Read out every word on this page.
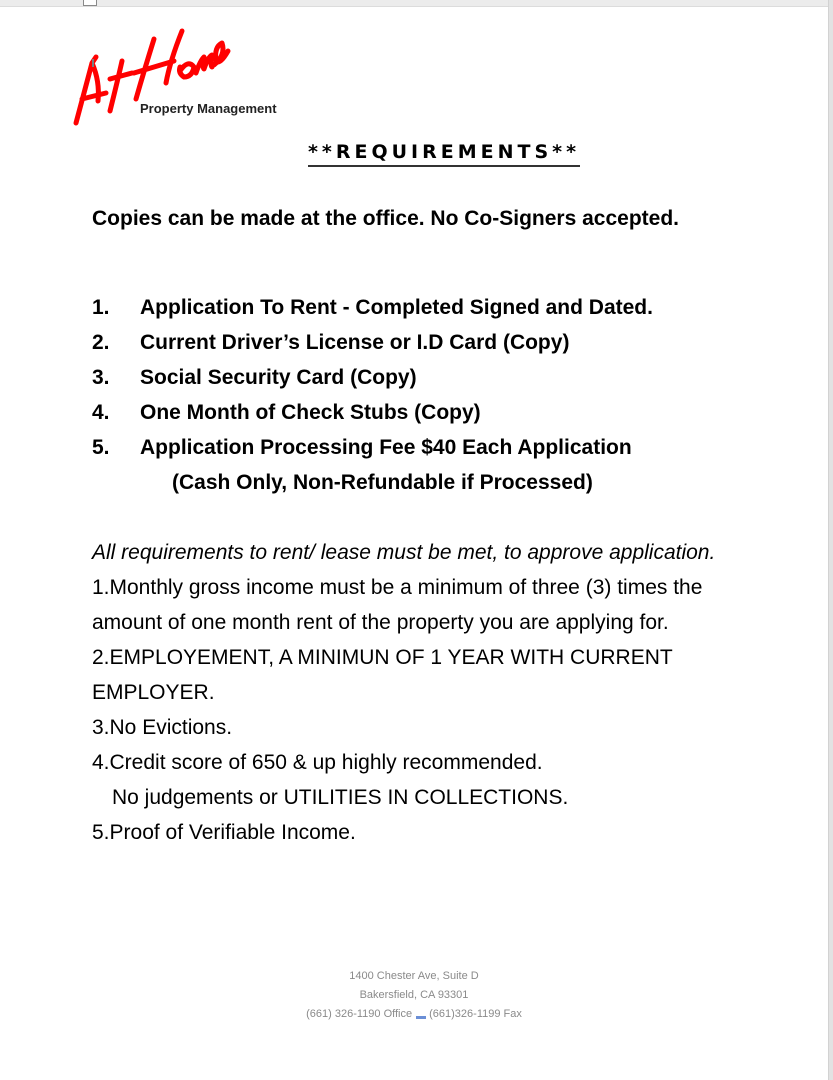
Property Management
**REQUIREMENTS**
Copies can be made at the office. No Co-Signers accepted.
1. Application To Rent - Completed Signed and Dated.
2. Current Driver’s License or I.D Card (Copy)
3. Social Security Card (Copy)
4. One Month of Check Stubs (Copy)
5. Application Processing Fee $40 Each Application
(Cash Only, Non-Refundable if Processed)

All requirements to rent/ lease must be met, to approve application.

1.Monthly gross income must be a minimum of three (3) times the amount of one month rent of the property you are applying for.

2.EMPLOYEMENT, A MINIMUN OF 1 YEAR WITH CURRENT EMPLOYER.

3.No Evictions.

4.Credit score of 650 & up highly recommended.

No judgements or UTILITIES IN COLLECTIONS.

5.Proof of Verifiable Income.

1400 Chester Ave, Suite D
Bakersfield, CA 93301
(661) 326-1190 Office (661)326-1199 Fax
